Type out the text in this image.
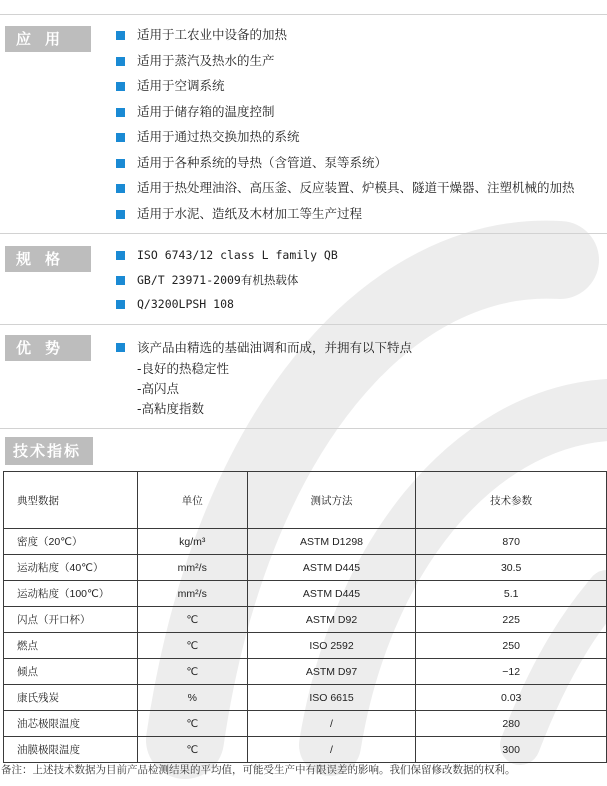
应用	适用于工农业中设备的加热
适用于蒸汽及热水的生产
适用于空调系统
适用于储存箱的温度控制
适用于通过热交换加热的系统
适用于各种系统的导热（含管道、泵等系统）
适用于热处理油浴、高压釜、反应装置、炉模具、隧道干燥器、注塑机械的加热
适用于水泥、造纸及木材加工等生产过程
规格	ISO 6743/12 class L family QB
GB/T 23971-2009有机热载体
Q/3200LPSH 108
优势	该产品由精选的基础油调和而成，并拥有以下特点
-良好的热稳定性
-高闪点
-高粘度指数
技术指标
典型数据	单位	测试方法	技术参数
密度（20℃）	kg/m³	ASTM D1298	870
运动粘度（40℃）	mm²/s	ASTM D445	30.5
运动粘度（100℃）	mm²/s	ASTM D445	5.1
闪点（开口杯）	℃	ASTM D92	225
燃点	℃	ISO 2592	250
倾点	℃	ASTM D97	−12
康氏残炭	%	ISO 6615	0.03
油芯极限温度	℃	/	280
油膜极限温度	℃	/	300
备注：上述技术数据为目前产品检测结果的平均值，可能受生产中有限误差的影响。我们保留修改数据的权利。
